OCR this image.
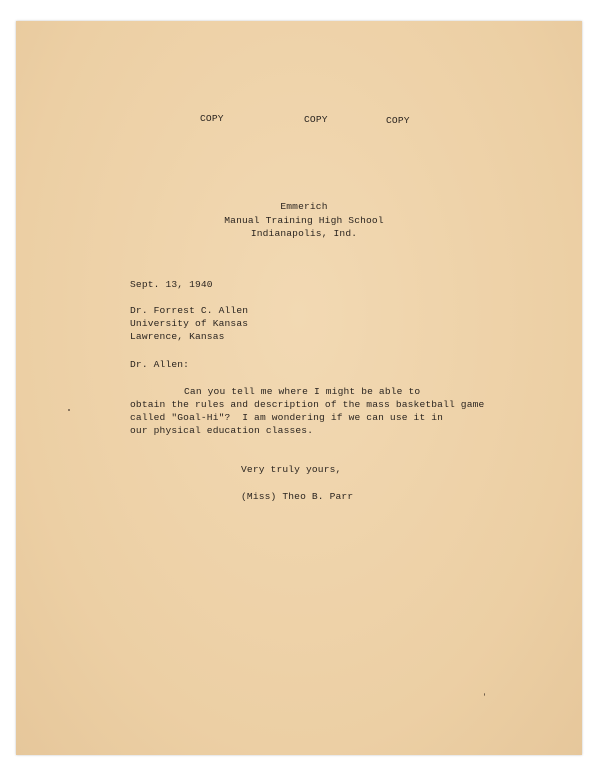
COPY	COPY	COPY
Emmerich
Manual Training High School
Indianapolis, Ind.
Sept. 13, 1940
Dr. Forrest C. Allen
University of Kansas
Lawrence, Kansas
Dr. Allen:
Can you tell me where I might be able to
obtain the rules and description of the mass basketball game
called "Goal-Hi"?  I am wondering if we can use it in
our physical education classes.
Very truly yours,
(Miss) Theo B. Parr
